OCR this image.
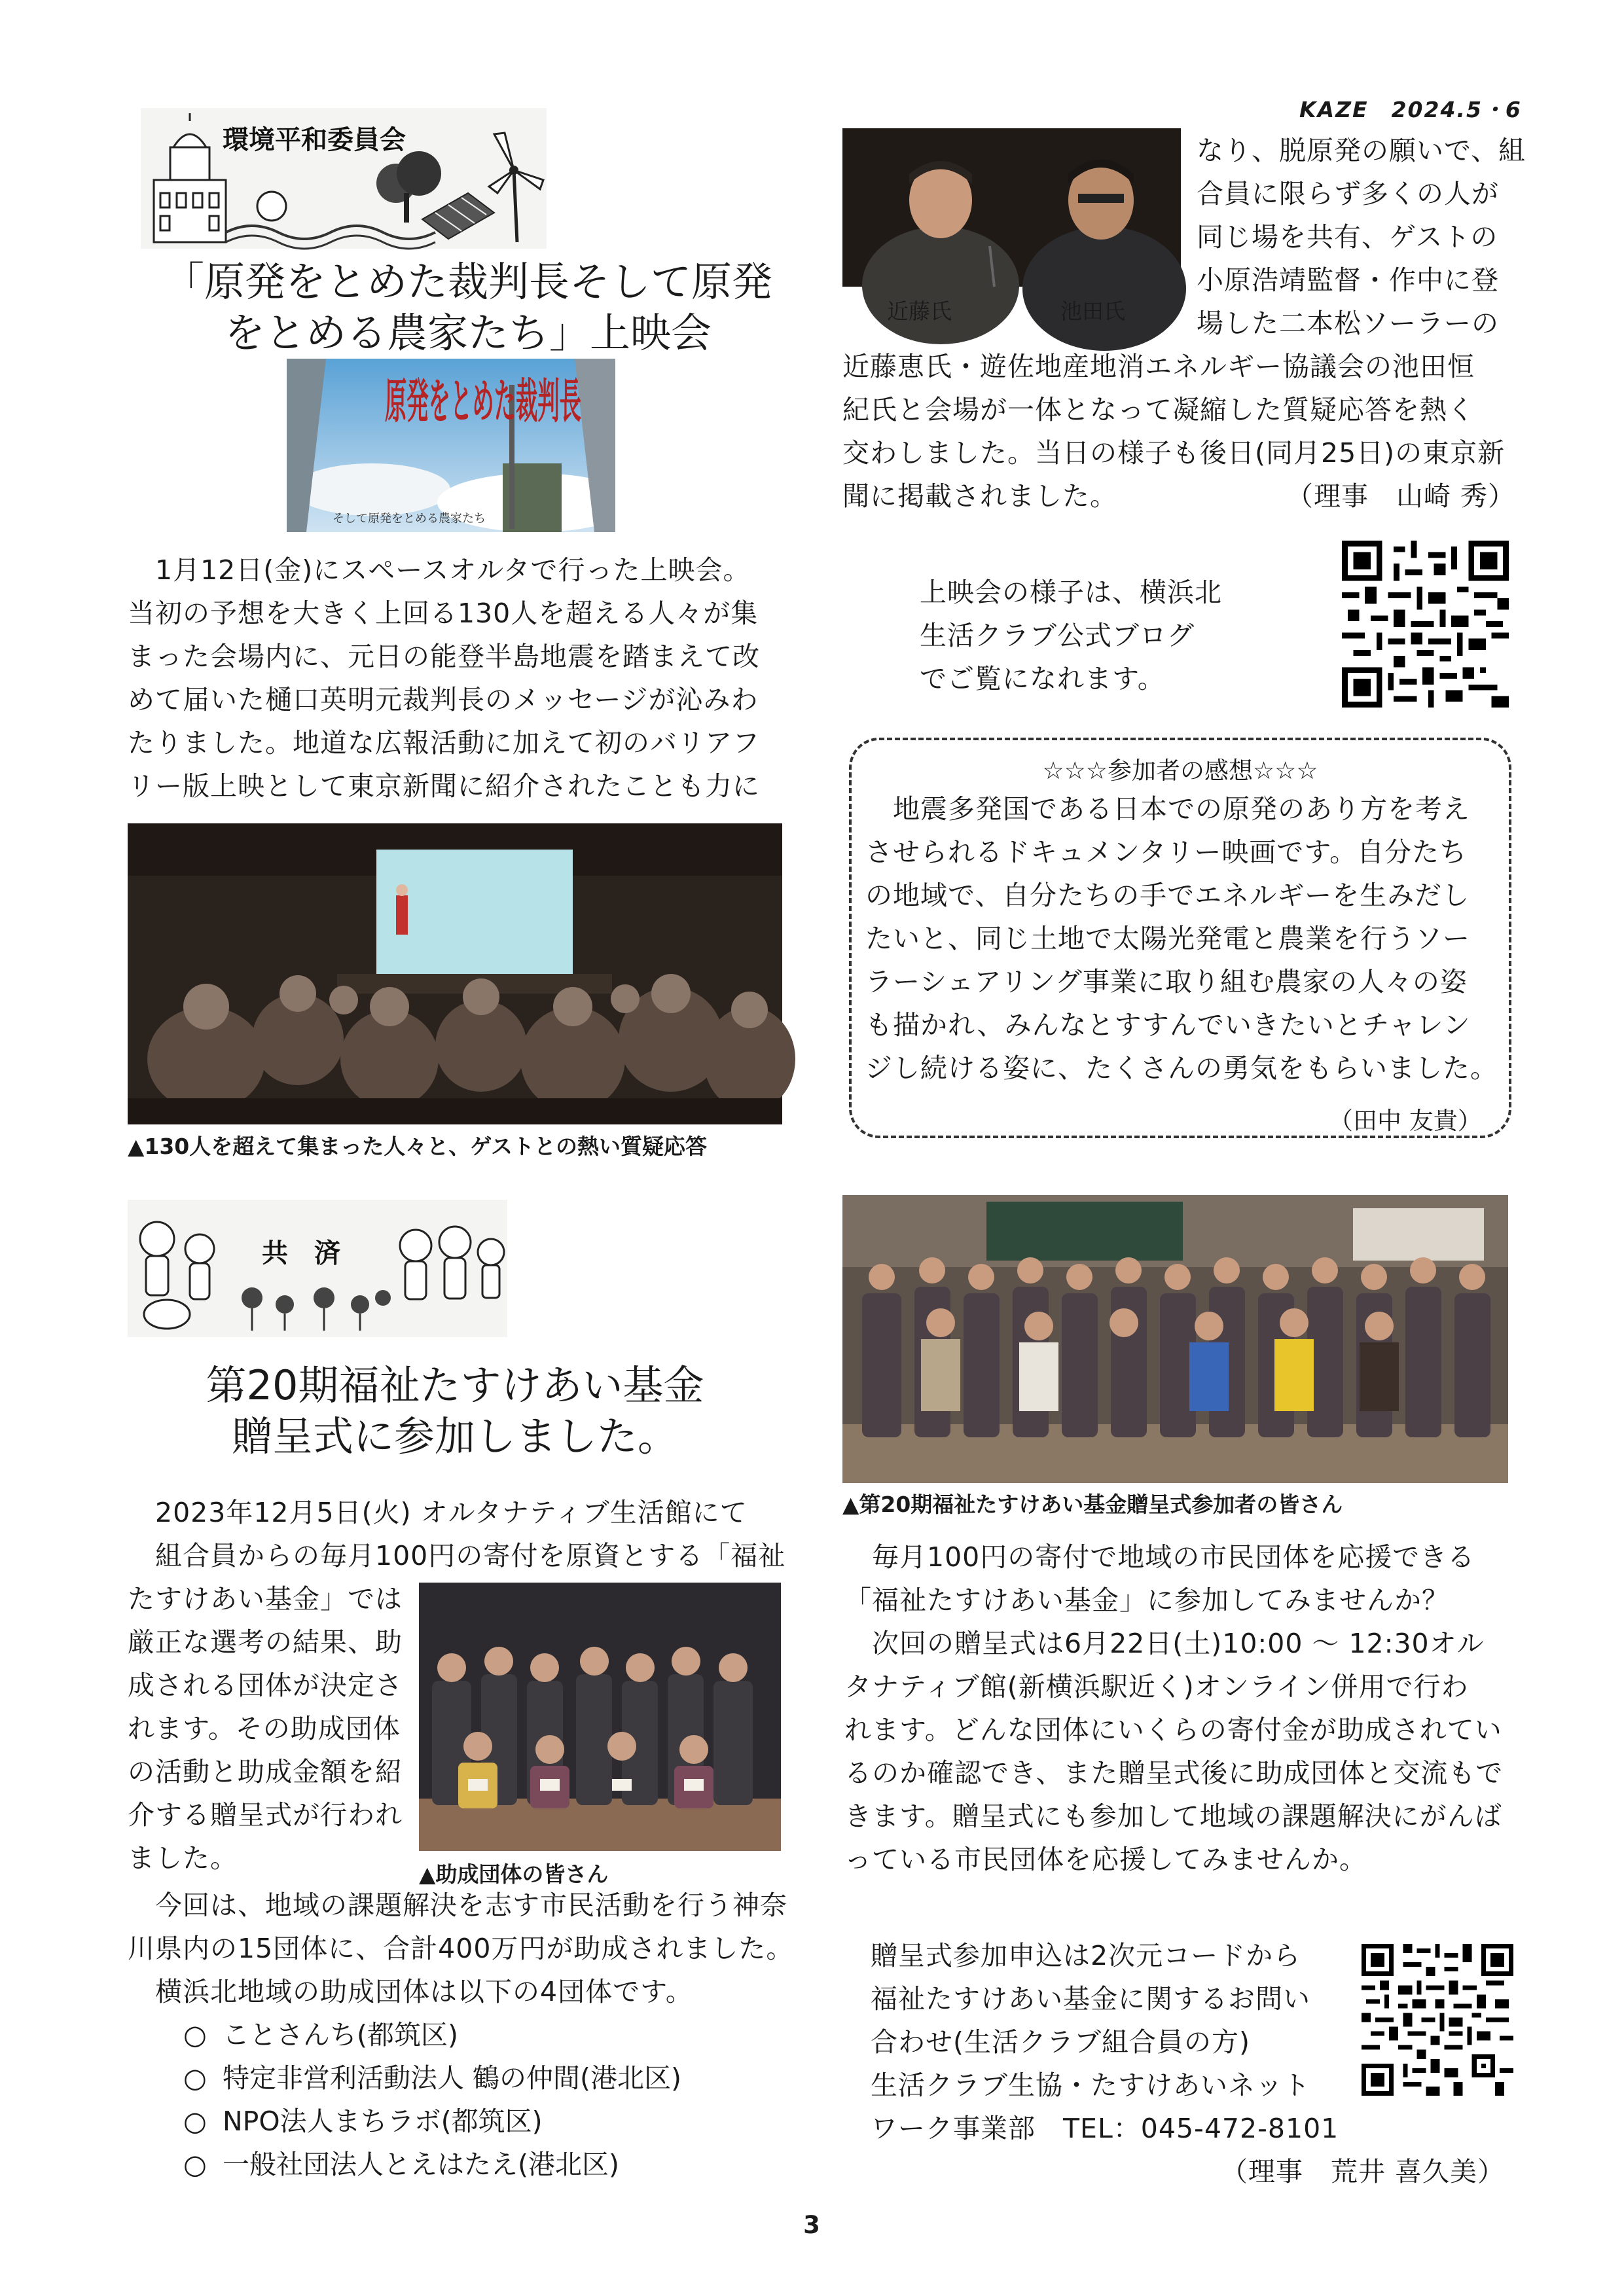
KAZE　2024.5・6
環境平和委員会
「原発をとめた裁判長そして原発
をとめる農家たち」上映会
原発をとめた裁判長
そして原発をとめる農家たち
　1月12日(金)にスペースオルタで行った上映会。
当初の予想を大きく上回る130人を超える人々が集
まった会場内に、元日の能登半島地震を踏まえて改
めて届いた樋口英明元裁判長のメッセージが沁みわ
たりました。地道な広報活動に加えて初のバリアフ
リー版上映として東京新聞に紹介されたことも力に
▲130人を超えて集まった人々と、ゲストとの熱い質疑応答
近藤氏	池田氏
なり、脱原発の願いで、組
合員に限らず多くの人が
同じ場を共有、ゲストの
小原浩靖監督・作中に登
場した二本松ソーラーの
近藤恵氏・遊佐地産地消エネルギー協議会の池田恒
紀氏と会場が一体となって凝縮した質疑応答を熱く
交わしました。当日の様子も後日(同月25日)の東京新
聞に掲載されました。	（理事　山崎 秀）
上映会の様子は、横浜北
生活クラブ公式ブログ
でご覧になれます。
☆☆☆参加者の感想☆☆☆
　地震多発国である日本での原発のあり方を考え
させられるドキュメンタリー映画です。自分たち
の地域で、自分たちの手でエネルギーを生みだし
たいと、同じ土地で太陽光発電と農業を行うソー
ラーシェアリング事業に取り組む農家の人々の姿
も描かれ、みんなとすすんでいきたいとチャレン
ジし続ける姿に、たくさんの勇気をもらいました。
（田中 友貴）
共　済
第20期福祉たすけあい基金
贈呈式に参加しました。
　2023年12月5日(火) オルタナティブ生活館にて
　組合員からの毎月100円の寄付を原資とする「福祉
たすけあい基金」では
厳正な選考の結果、助
成される団体が決定さ
れます。その助成団体
の活動と助成金額を紹
介する贈呈式が行われ
ました。
▲助成団体の皆さん
　今回は、地域の課題解決を志す市民活動を行う神奈
川県内の15団体に、合計400万円が助成されました。
　横浜北地域の助成団体は以下の4団体です。
○ ことさんち(都筑区)
○ 特定非営利活動法人 鶴の仲間(港北区)
○ NPO法人まちラボ(都筑区)
○ 一般社団法人とえはたえ(港北区)
▲第20期福祉たすけあい基金贈呈式参加者の皆さん
　毎月100円の寄付で地域の市民団体を応援できる
「福祉たすけあい基金」に参加してみませんか？
　次回の贈呈式は6月22日(土)10:00 ～ 12:30オル
タナティブ館(新横浜駅近く)オンライン併用で行わ
れます。どんな団体にいくらの寄付金が助成されてい
るのか確認でき、また贈呈式後に助成団体と交流もで
きます。贈呈式にも参加して地域の課題解決にがんば
っている市民団体を応援してみませんか。
贈呈式参加申込は2次元コードから
福祉たすけあい基金に関するお問い
合わせ(生活クラブ組合員の方)
生活クラブ生協・たすけあいネット
ワーク事業部　TEL：045-472-8101
（理事　荒井 喜久美）
3
